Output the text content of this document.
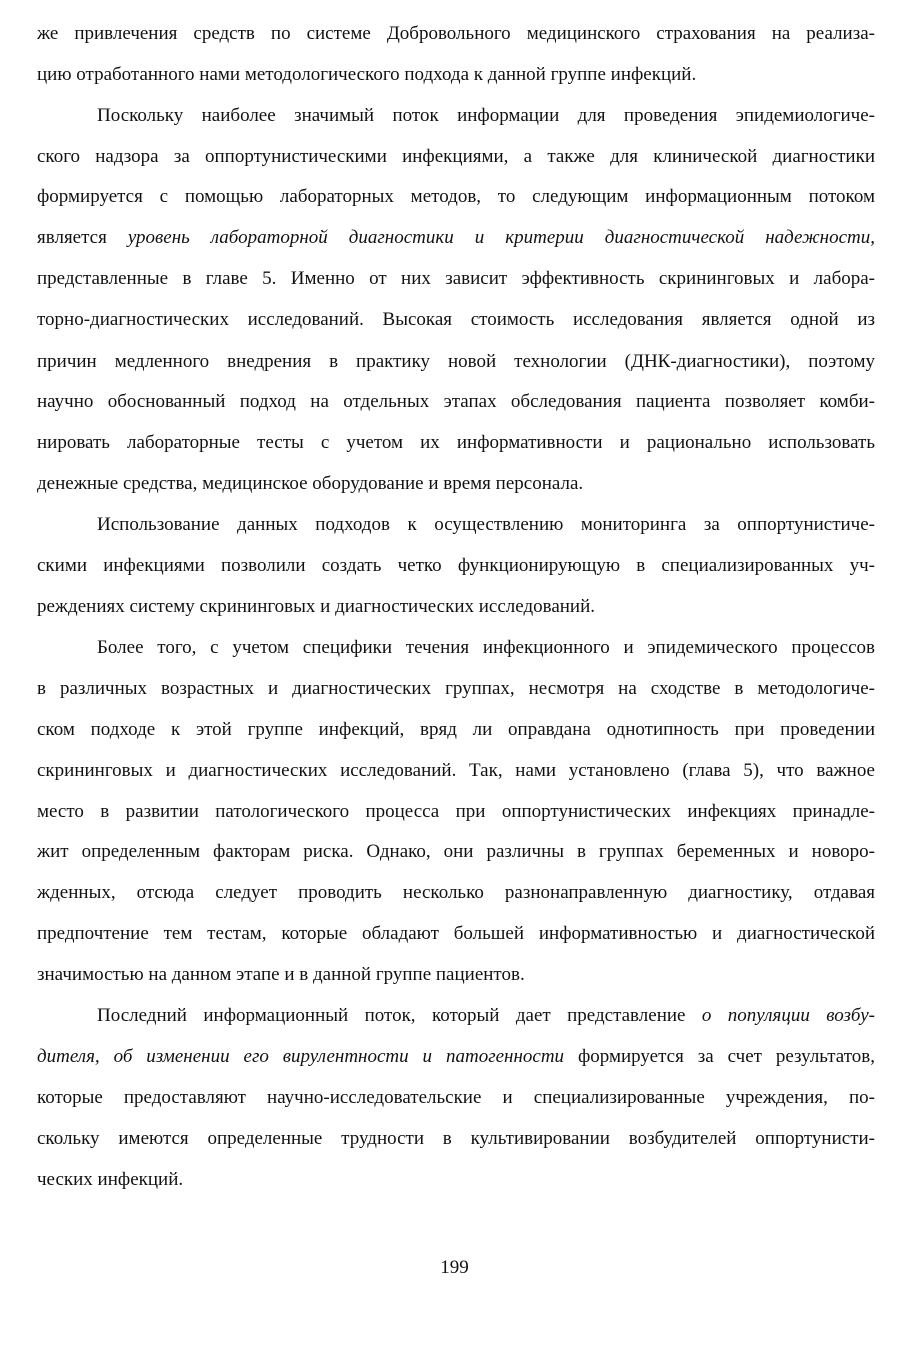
же привлечения средств по системе Добровольного медицинского страхования на реализа-
цию отработанного нами методологического подхода к данной группе инфекций.
Поскольку наиболее значимый поток информации для проведения эпидемиологиче-
ского надзора за оппортунистическими инфекциями, а также для клинической диагностики
формируется с помощью лабораторных методов, то следующим информационным потоком
является уровень лабораторной диагностики и критерии диагностической надежности,
представленные в главе 5. Именно от них зависит эффективность скрининговых и лабора-
торно-диагностических исследований. Высокая стоимость исследования является одной из
причин медленного внедрения в практику новой технологии (ДНК-диагностики), поэтому
научно обоснованный подход на отдельных этапах обследования пациента позволяет комби-
нировать лабораторные тесты с учетом их информативности и рационально использовать
денежные средства, медицинское оборудование и время персонала.
Использование данных подходов к осуществлению мониторинга за оппортунистиче-
скими инфекциями позволили создать четко функционирующую в специализированных уч-
реждениях систему скрининговых и диагностических исследований.
Более того, с учетом специфики течения инфекционного и эпидемического процессов
в различных возрастных и диагностических группах, несмотря на сходстве в методологиче-
ском подходе к этой группе инфекций, вряд ли оправдана однотипность при проведении
скрининговых и диагностических исследований. Так, нами установлено (глава 5), что важное
место в развитии патологического процесса при оппортунистических инфекциях принадле-
жит определенным факторам риска. Однако, они различны в группах беременных и новоро-
жденных, отсюда следует проводить несколько разнонаправленную диагностику, отдавая
предпочтение тем тестам, которые обладают большей информативностью и диагностической
значимостью на данном этапе и в данной группе пациентов.
Последний информационный поток, который дает представление о популяции возбу-
дителя, об изменении его вирулентности и патогенности формируется за счет результатов,
которые предоставляют научно-исследовательские и специализированные учреждения, по-
скольку имеются определенные трудности в культивировании возбудителей оппортунисти-
ческих инфекций.
199
